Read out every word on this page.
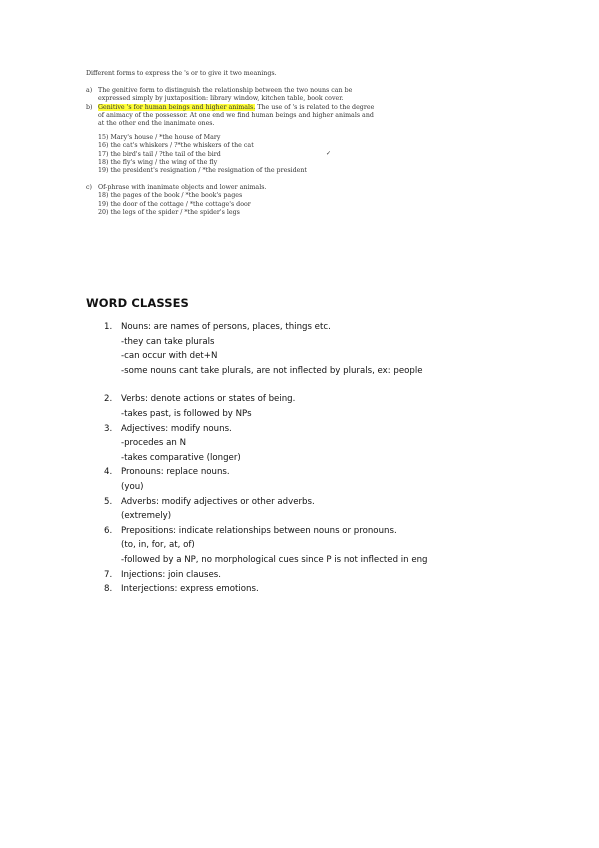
Different forms to express the 's or to give it two meanings.

a) The genitive form to distinguish the relationship between the two nouns can be expressed simply by juxtaposition: library window, kitchen table, book cover.
b) Genitive 's for human beings and higher animals. The use of 's is related to the degree of animacy of the possessor. At one end we find human beings and higher animals and at the other end the inanimate ones.
✓
15) Mary's house / *the house of Mary
16) the cat's whiskers / ?*the whiskers of the cat
17) the bird's tail / ?the tail of the bird
18) the fly's wing / the wing of the fly
19) the president's resignation / *the resignation of the president
c) Of-phrase with inanimate objects and lower animals.
18) the pages of the book / *the book's pages
19) the door of the cottage / *the cottage's door
20) the legs of the spider / *the spider's legs
WORD CLASSES
1.	Nouns: are names of persons, places, things etc.
-they can take plurals
-can occur with det+N
-some nouns cant take plurals, are not inflected by plurals, ex: people
2.	Verbs: denote actions or states of being.
-takes past, is followed by NPs
3.	Adjectives: modify nouns.
-procedes an N
-takes comparative (longer)
4.	Pronouns: replace nouns.
(you)
5.	Adverbs: modify adjectives or other adverbs.
(extremely)
6.	Prepositions: indicate relationships between nouns or pronouns.
(to, in, for, at, of)
-followed by a NP, no morphological cues since P is not inflected in eng
7.	Injections: join clauses.
8.	Interjections: express emotions.
